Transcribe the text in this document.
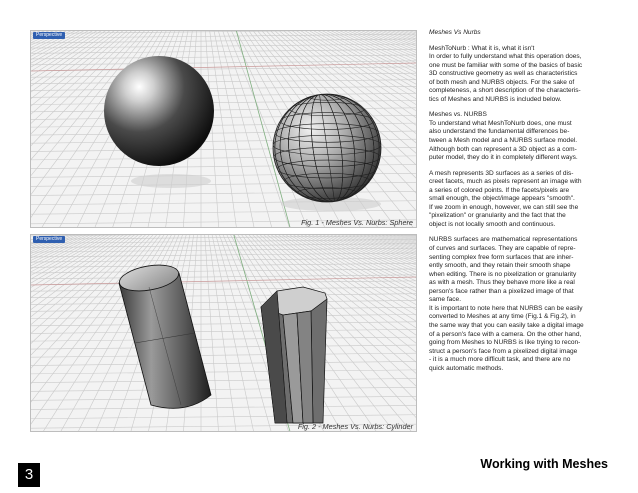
Perspective
Fig. 1 - Meshes Vs. Nurbs: Sphere
Perspective
Fig. 2 - Meshes Vs. Nurbs: Cylinder

Meshes Vs Nurbs

MeshToNurb : What it is, what it isn't
In order to fully understand what this operation does,
one must be familiar with some of the basics of basic
3D constructive geometry as well as characteristics
of both mesh and NURBS objects. For the sake of
completeness, a short description of the characteris-
tics of Meshes and NURBS is included below.

Meshes vs. NURBS
To understand what MeshToNurb does, one must
also understand the fundamental differences be-
tween a Mesh model and a NURBS surface model.
Although both can represent a 3D object as a com-
puter model, they do it in completely different ways.

A mesh represents 3D surfaces as a series of dis-
creet facets, much as pixels represent an image with
a series of colored points. If the facets/pixels are
small enough, the object/image appears "smooth".
If we zoom in enough, however, we can still see the
"pixelization" or granularity and the fact that the
object is not locally smooth and continuous.

NURBS surfaces are mathematical representations
of curves and surfaces. They are capable of repre-
senting complex free form surfaces that are inher-
ently smooth, and they retain their smooth shape
when editing. There is no pixelization or granularity
as with a mesh. Thus they behave more like a real
person's face rather than a pixelized image of that
same face.
It is important to note here that NURBS can be easily
converted to Meshes at any time (Fig.1 & Fig.2), in
the same way that you can easily take a digital image
of a person's face with a camera. On the other hand,
going from Meshes to NURBS is like trying to recon-
struct a person's face from a pixelized digital image
- it is a much more difficult task, and there are no
quick automatic methods.

3
Working with Meshes
